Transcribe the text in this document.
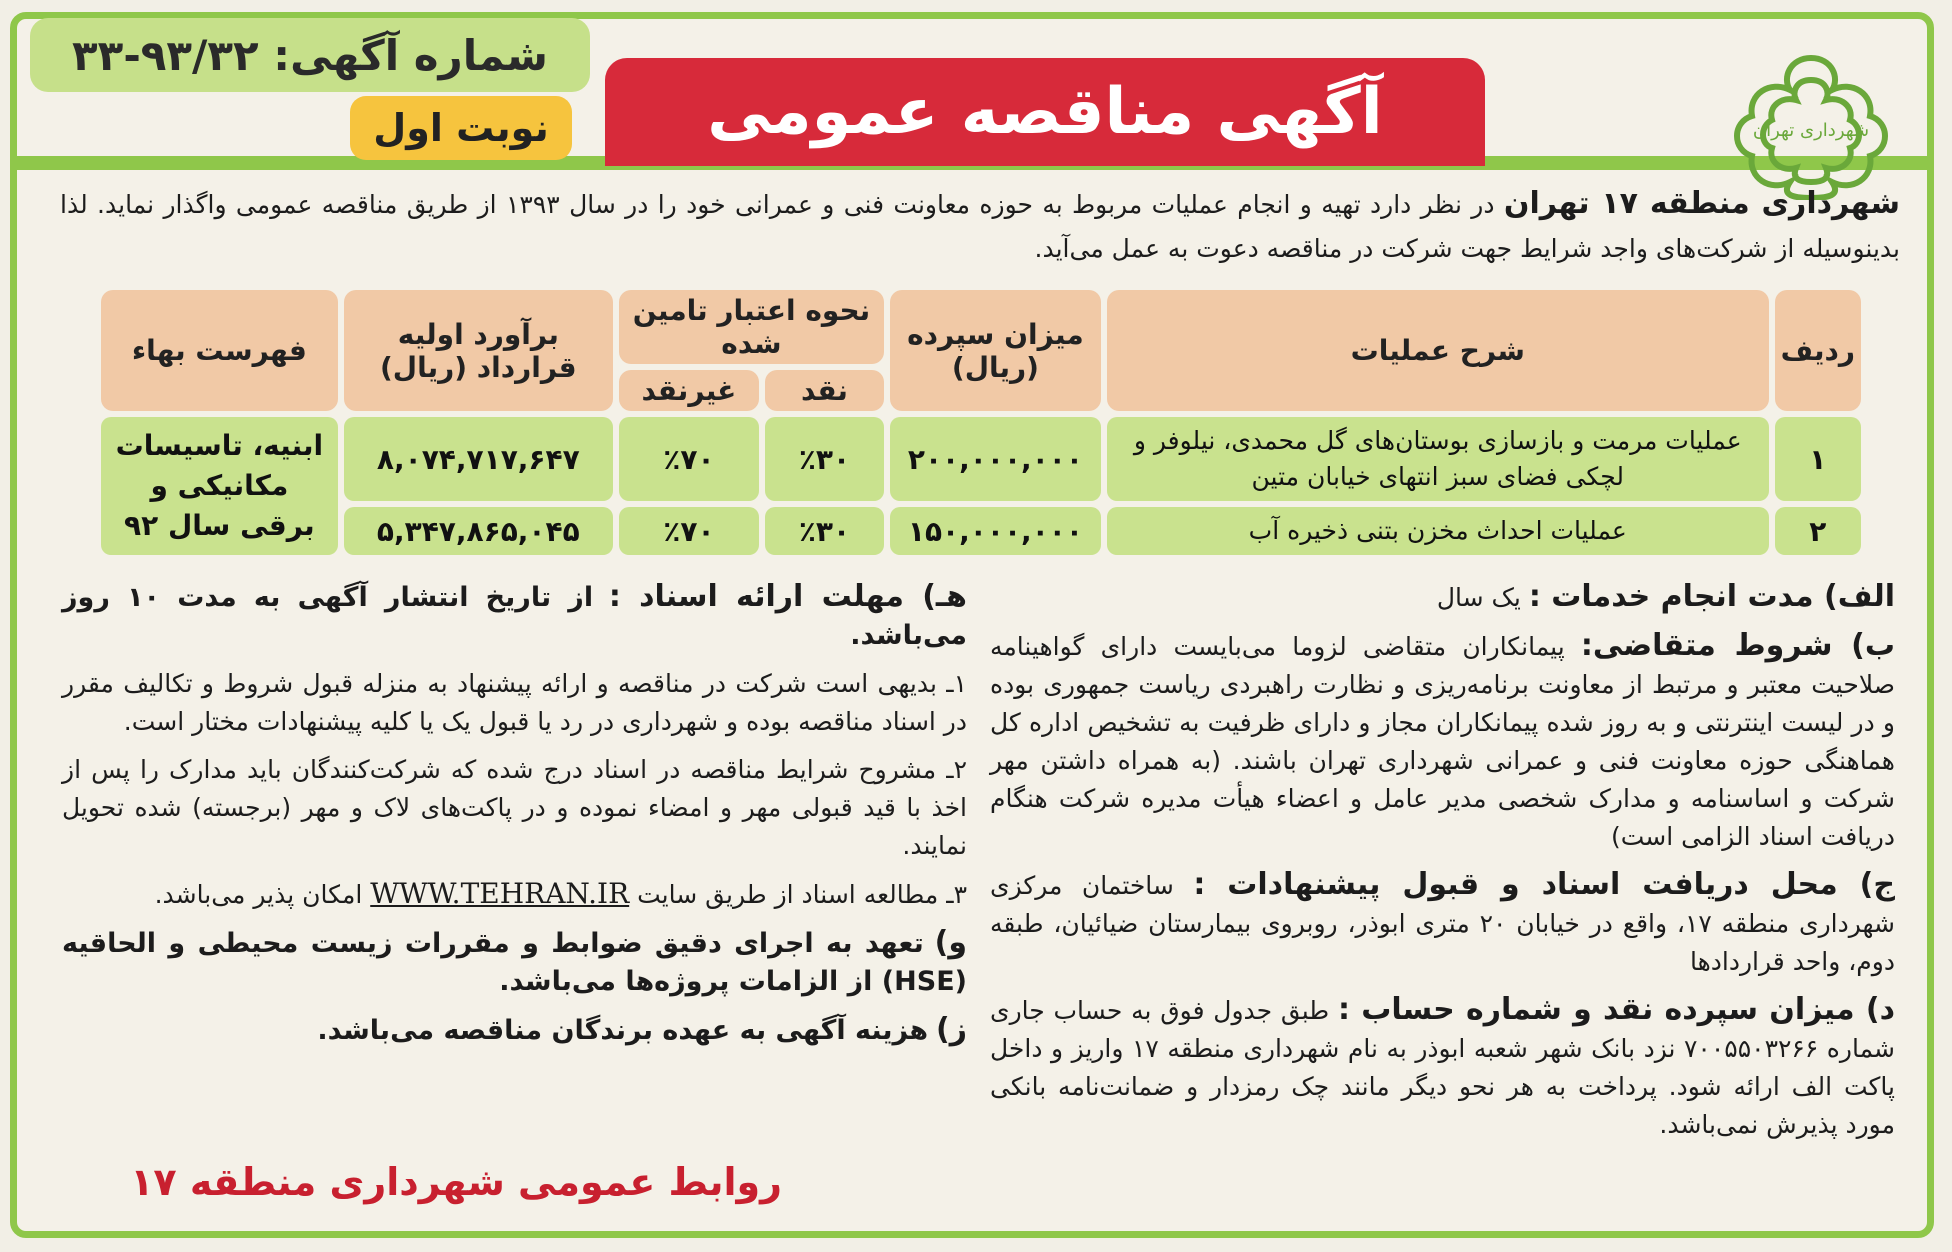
شماره آگهی: ۹۳/۳۲-۳۳
نوبت اول آگهی مناقصه عمومی	شهرداری تهران
شهرداری منطقه ۱۷ تهران در نظر دارد تهیه و انجام عملیات مربوط به حوزه معاونت فنی و عمرانی خود را در سال ۱۳۹۳ از طریق مناقصه عمومی واگذار نماید. لذا بدینوسیله از شرکت‌های واجد شرایط جهت شرکت در مناقصه دعوت به عمل می‌آید.
ردیف	شرح عملیات	میزان سپرده (ریال)	نحوه اعتبار تامین شده		برآورد اولیه قرارداد (ریال)	فهرست بهاء
			نقد	غیرنقد		
۱	عملیات مرمت و بازسازی بوستان‌های گل محمدی، نیلوفر و لچکی فضای سبز انتهای خیابان متین	۲۰۰,۰۰۰,۰۰۰	٪۳۰	٪۷۰	۸,۰۷۴,۷۱۷,۶۴۷	ابنیه، تاسیسات مکانیکی و برقی سال ۹۲
۲	عملیات احداث مخزن بتنی ذخیره آب	۱۵۰,۰۰۰,۰۰۰	٪۳۰	٪۷۰	۵,۳۴۷,۸۶۵,۰۴۵	
الف) مدت انجام خدمات : یک سال
ب) شروط متقاضی: پیمانکاران متقاضی لزوما می‌بایست دارای گواهینامه صلاحیت معتبر و مرتبط از معاونت برنامه‌ریزی و نظارت راهبردی ریاست جمهوری بوده و در لیست اینترنتی و به روز شده پیمانکاران مجاز و دارای ظرفیت به تشخیص اداره کل هماهنگی حوزه معاونت فنی و عمرانی شهرداری تهران باشند. (به همراه داشتن مهر شرکت و اساسنامه و مدارک شخصی مدیر عامل و اعضاء هیأت مدیره شرکت هنگام دریافت اسناد الزامی است)
ج) محل دریافت اسناد و قبول پیشنهادات : ساختمان مرکزی شهرداری منطقه ۱۷، واقع در خیابان ۲۰ متری ابوذر، روبروی بیمارستان ضیائیان، طبقه دوم، واحد قراردادها
د) میزان سپرده نقد و شماره حساب : طبق جدول فوق به حساب جاری شماره ۷۰۰۵۵۰۳۲۶۶ نزد بانک شهر شعبه ابوذر به نام شهرداری منطقه ۱۷ واریز و داخل پاکت الف ارائه شود. پرداخت به هر نحو دیگر مانند چک رمزدار و ضمانت‌نامه بانکی مورد پذیرش نمی‌باشد.
هـ) مهلت ارائه اسناد : از تاریخ انتشار آگهی به مدت ۱۰ روز می‌باشد.
۱ـ بدیهی است شرکت در مناقصه و ارائه پیشنهاد به منزله قبول شروط و تکالیف مقرر در اسناد مناقصه بوده و شهرداری در رد یا قبول یک یا کلیه پیشنهادات مختار است.
۲ـ مشروح شرایط مناقصه در اسناد درج شده که شرکت‌کنندگان باید مدارک را پس از اخذ با قید قبولی مهر و امضاء نموده و در پاکت‌های لاک و مهر (برجسته) شده تحویل نمایند.
۳ـ مطالعه اسناد از طریق سایت WWW.TEHRAN.IR امکان پذیر می‌باشد.
و) تعهد به اجرای دقیق ضوابط و مقررات زیست محیطی و الحاقیه (HSE) از الزامات پروژه‌ها می‌باشد.
ز) هزینه آگهی به عهده برندگان مناقصه می‌باشد.
روابط عمومی شهرداری منطقه ۱۷
